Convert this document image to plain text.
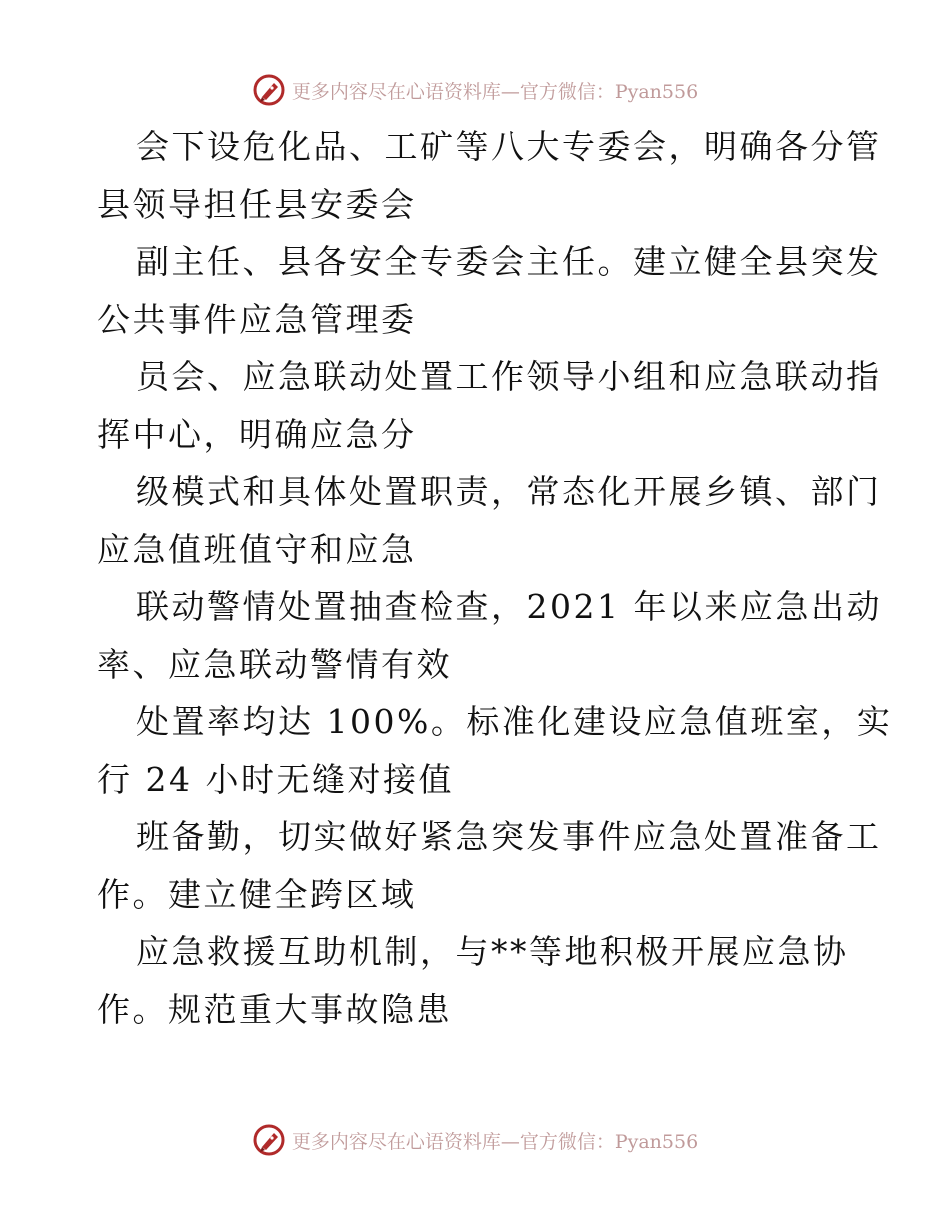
更多内容尽在心语资料库—官方微信：Pyan556
会下设危化品、工矿等八大专委会，明确各分管
县领导担任县安委会
副主任、县各安全专委会主任。建立健全县突发
公共事件应急管理委
员会、应急联动处置工作领导小组和应急联动指
挥中心，明确应急分
级模式和具体处置职责，常态化开展乡镇、部门
应急值班值守和应急
联动警情处置抽查检查，2021 年以来应急出动
率、应急联动警情有效
处置率均达 100%。标准化建设应急值班室，实
行 24 小时无缝对接值
班备勤，切实做好紧急突发事件应急处置准备工
作。建立健全跨区域
应急救援互助机制，与**等地积极开展应急协
作。规范重大事故隐患
更多内容尽在心语资料库—官方微信：Pyan556
